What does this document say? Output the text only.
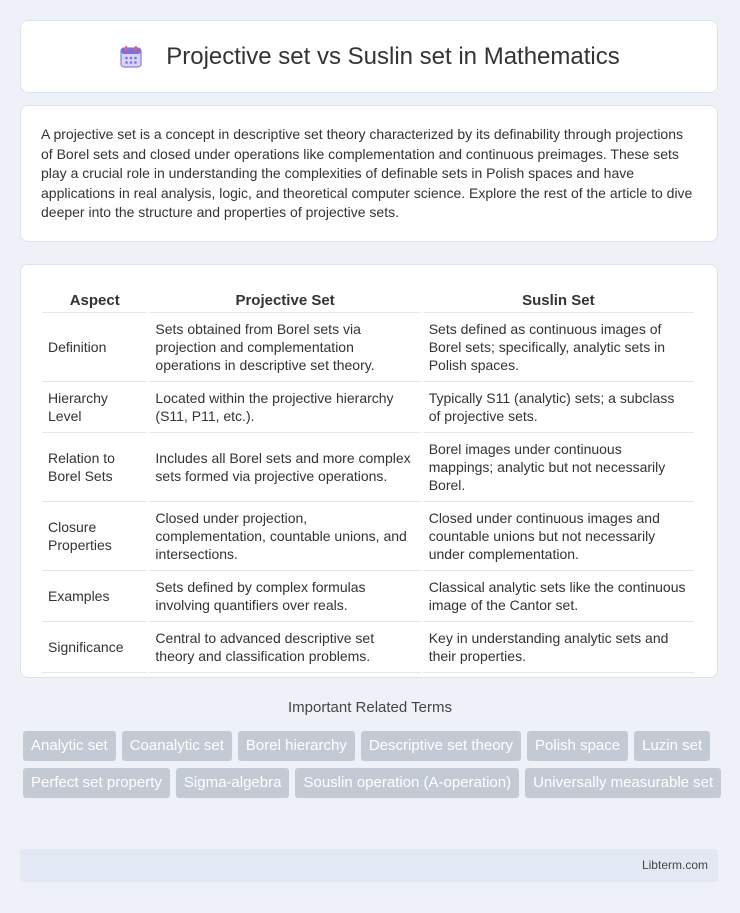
Projective set vs Suslin set in Mathematics

A projective set is a concept in descriptive set theory characterized by its definability through projections of Borel sets and closed under operations like complementation and continuous preimages. These sets play a crucial role in understanding the complexities of definable sets in Polish spaces and have applications in real analysis, logic, and theoretical computer science. Explore the rest of the article to dive deeper into the structure and properties of projective sets.

Aspect	Projective Set	Suslin Set
Definition	Sets obtained from Borel sets via projection and complementation operations in descriptive set theory.	Sets defined as continuous images of Borel sets; specifically, analytic sets in Polish spaces.
Hierarchy Level	Located within the projective hierarchy (S11, P11, etc.).	Typically S11 (analytic) sets; a subclass of projective sets.
Relation to Borel Sets	Includes all Borel sets and more complex sets formed via projective operations.	Borel images under continuous mappings; analytic but not necessarily Borel.
Closure Properties	Closed under projection, complementation, countable unions, and intersections.	Closed under continuous images and countable unions but not necessarily under complementation.
Examples	Sets defined by complex formulas involving quantifiers over reals.	Classical analytic sets like the continuous image of the Cantor set.
Significance	Central to advanced descriptive set theory and classification problems.	Key in understanding analytic sets and their properties.
Important Related Terms
Analytic set	Coanalytic set	Borel hierarchy	Descriptive set theory	Polish space	Luzin set
Perfect set property	Sigma-algebra	Souslin operation (A-operation)	Universally measurable set
Libterm.com
